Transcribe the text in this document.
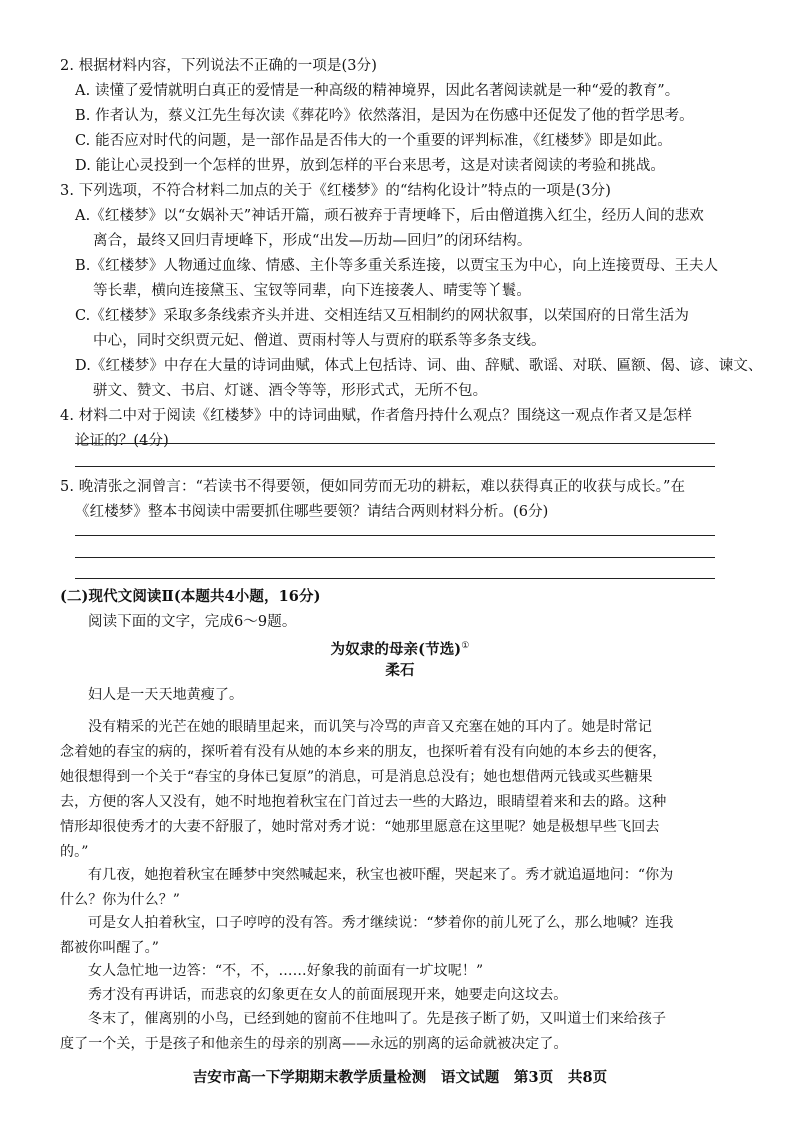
2. 根据材料内容，下列说法不正确的一项是(3分)
A. 读懂了爱情就明白真正的爱情是一种高级的精神境界，因此名著阅读就是一种“爱的教育”。
B. 作者认为，蔡义江先生每次读《葬花吟》依然落泪，是因为在伤感中还促发了他的哲学思考。
C. 能否应对时代的问题，是一部作品是否伟大的一个重要的评判标准，《红楼梦》即是如此。
D. 能让心灵投到一个怎样的世界，放到怎样的平台来思考，这是对读者阅读的考验和挑战。
3. 下列选项，不符合材料二加点的关于《红楼梦》的“结构化设计”特点的一项是(3分)
A.《红楼梦》以“女娲补天”神话开篇，顽石被弃于青埂峰下，后由僧道携入红尘，经历人间的悲欢
离合，最终又回归青埂峰下，形成“出发—历劫—回归”的闭环结构。
B.《红楼梦》人物通过血缘、情感、主仆等多重关系连接，以贾宝玉为中心，向上连接贾母、王夫人
等长辈，横向连接黛玉、宝钗等同辈，向下连接袭人、晴雯等丫鬟。
C.《红楼梦》采取多条线索齐头并进、交相连结又互相制约的网状叙事，以荣国府的日常生活为
中心，同时交织贾元妃、僧道、贾雨村等人与贾府的联系等多条支线。
D.《红楼梦》中存在大量的诗词曲赋，体式上包括诗、词、曲、辞赋、歌谣、对联、匾额、偈、谚、谏文、
骈文、赞文、书启、灯谜、酒令等等，形形式式，无所不包。
4. 材料二中对于阅读《红楼梦》中的诗词曲赋，作者詹丹持什么观点？围绕这一观点作者又是怎样
论证的？(4分)
5. 晚清张之洞曾言：“若读书不得要领，便如同劳而无功的耕耘，难以获得真正的收获与成长。”在
《红楼梦》整本书阅读中需要抓住哪些要领？请结合两则材料分析。(6分)
(二)现代文阅读Ⅱ(本题共4小题，16分)
阅读下面的文字，完成6～9题。
为奴隶的母亲(节选)①
柔石
妇人是一天天地黄瘦了。
没有精采的光芒在她的眼睛里起来，而讥笑与冷骂的声音又充塞在她的耳内了。她是时常记
念着她的春宝的病的，探听着有没有从她的本乡来的朋友，也探听着有没有向她的本乡去的便客，
她很想得到一个关于“春宝的身体已复原”的消息，可是消息总没有；她也想借两元钱或买些糖果
去，方便的客人又没有，她不时地抱着秋宝在门首过去一些的大路边，眼睛望着来和去的路。这种
情形却很使秀才的大妻不舒服了，她时常对秀才说：“她那里愿意在这里呢？她是极想早些飞回去
的。”
有几夜，她抱着秋宝在睡梦中突然喊起来，秋宝也被吓醒，哭起来了。秀才就追逼地问：“你为
什么？你为什么？”
可是女人拍着秋宝，口子哼哼的没有答。秀才继续说：“梦着你的前儿死了么，那么地喊？连我
都被你叫醒了。”
女人急忙地一边答：“不，不，……好象我的前面有一圹坟呢！”
秀才没有再讲话，而悲哀的幻象更在女人的前面展现开来，她要走向这坟去。
冬末了，催离别的小鸟，已经到她的窗前不住地叫了。先是孩子断了奶，又叫道士们来给孩子
度了一个关，于是孩子和他亲生的母亲的别离——永远的别离的运命就被决定了。
吉安市高一下学期期末教学质量检测　语文试题　第3页　共8页
